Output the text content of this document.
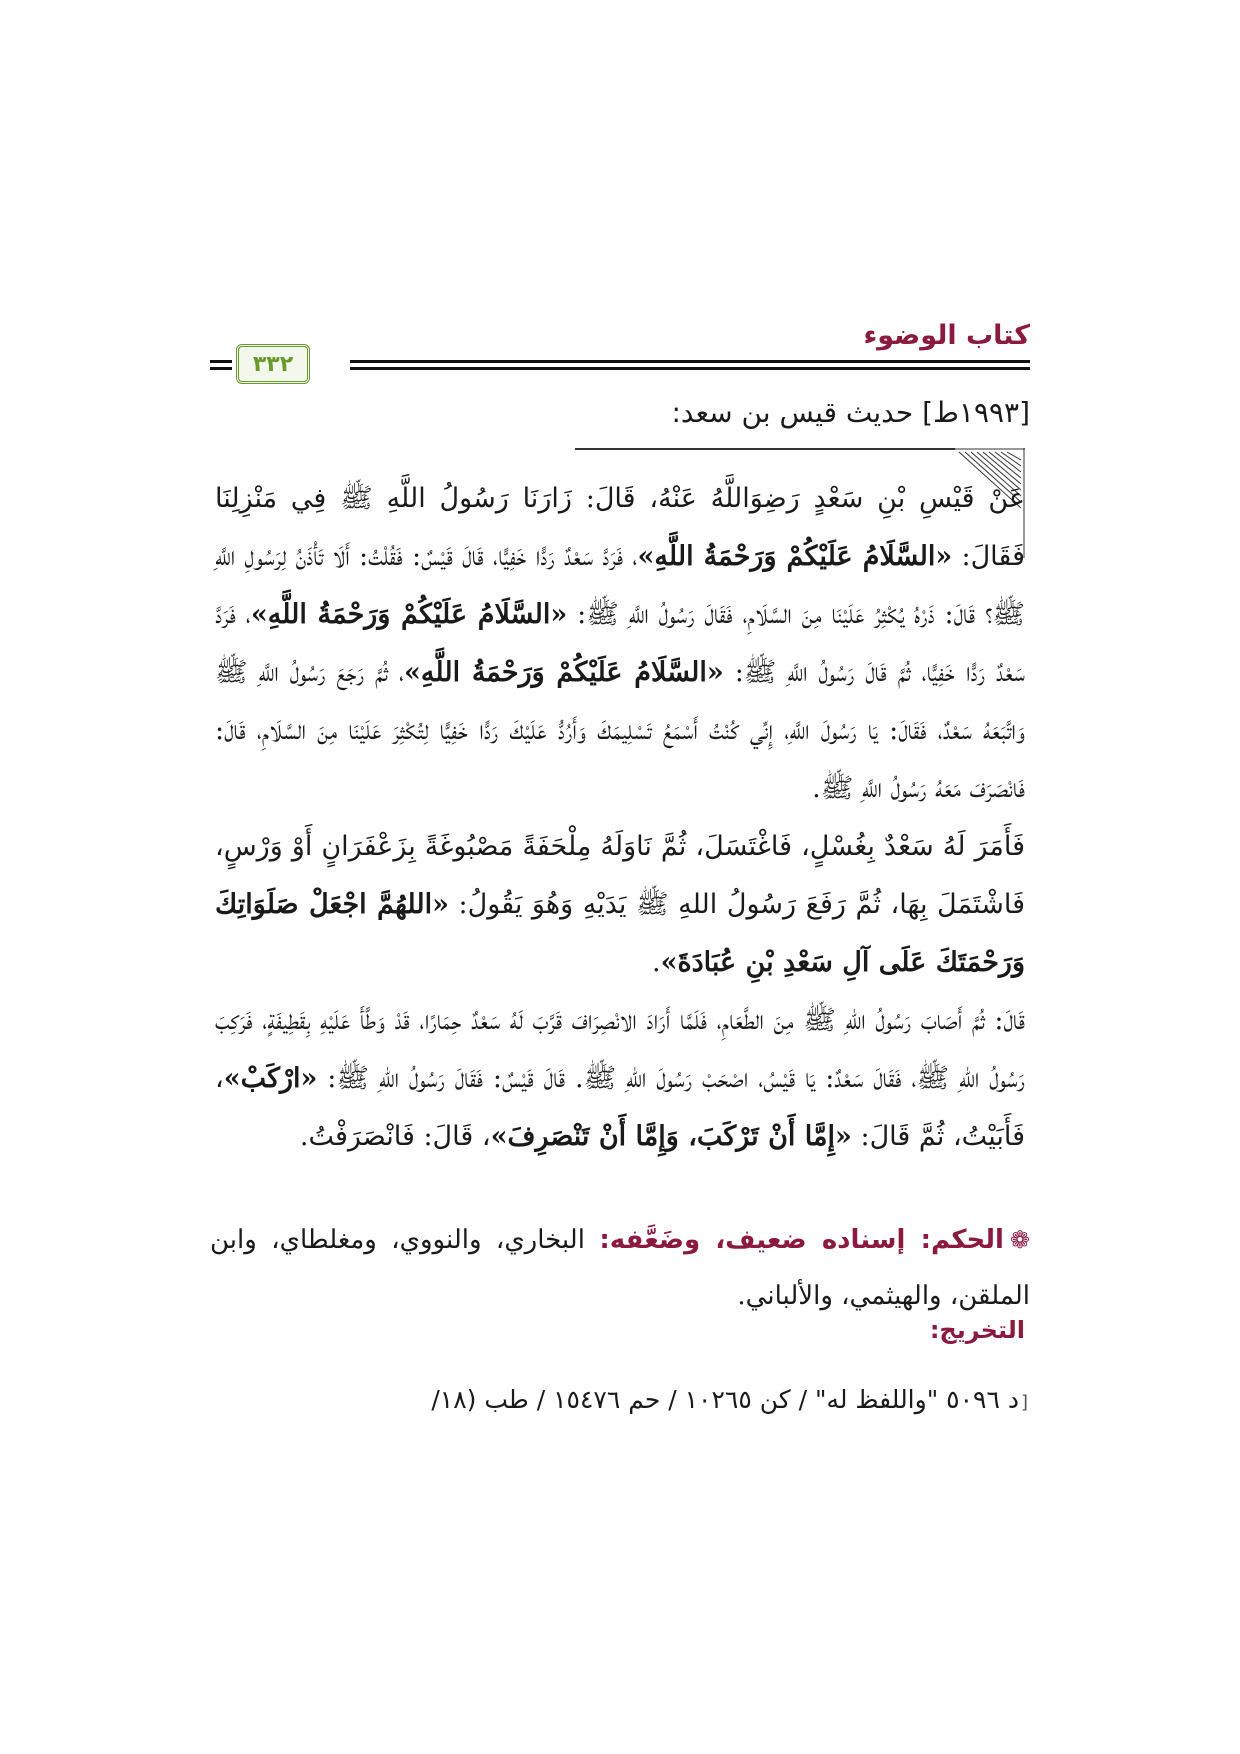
كتاب الوضوء
٣٣٢
[١٩٩٣ط] حديث قيس بن سعد:

عَنْ قَيْسِ بْنِ سَعْدٍ رَضِوَاللَّهُ عَنْهُ، قَالَ: زَارَنَا رَسُولُ اللَّهِ ﷺ فِي مَنْزِلِنَا فَقَالَ: «السَّلَامُ عَلَيْكُمْ وَرَحْمَةُ اللَّهِ»، فَرَدَّ سَعْدٌ رَدًّا خَفِيًّا، قَالَ قَيْسٌ: فَقُلْتُ: أَلَا تَأْذَنُ لِرَسُولِ اللَّهِ ﷺ؟ قَالَ: ذَرْهُ يُكْثِرُ عَلَيْنَا مِنَ السَّلَامِ، فَقَالَ رَسُولُ اللَّهِ ﷺ: «السَّلَامُ عَلَيْكُمْ وَرَحْمَةُ اللَّهِ»، فَرَدَّ سَعْدٌ رَدًّا خَفِيًّا، ثُمَّ قَالَ رَسُولُ اللَّهِ ﷺ: «السَّلَامُ عَلَيْكُمْ وَرَحْمَةُ اللَّهِ»، ثُمَّ رَجَعَ رَسُولُ اللَّهِ ﷺ وَاتَّبَعَهُ سَعْدٌ، فَقَالَ: يَا رَسُولَ اللَّهِ، إِنِّي كُنْتُ أَسْمَعُ تَسْلِيمَكَ وَأَرُدُّ عَلَيْكَ رَدًّا خَفِيًّا لِتُكْثِرَ عَلَيْنَا مِنَ السَّلَامِ، قَالَ: فَانْصَرَفَ مَعَهُ رَسُولُ اللَّهِ ﷺ.

فَأَمَرَ لَهُ سَعْدٌ بِغُسْلٍ، فَاغْتَسَلَ، ثُمَّ نَاوَلَهُ مِلْحَفَةً مَصْبُوغَةً بِزَعْفَرَانٍ أَوْ وَرْسٍ، فَاشْتَمَلَ بِهَا، ثُمَّ رَفَعَ رَسُولُ اللهِ ﷺ يَدَيْهِ وَهُوَ يَقُولُ: «اللهُمَّ اجْعَلْ صَلَوَاتِكَ وَرَحْمَتَكَ عَلَى آلِ سَعْدِ بْنِ عُبَادَةَ».

قَالَ: ثُمَّ أَصَابَ رَسُولُ اللهِ ﷺ مِنَ الطَّعَامِ، فَلَمَّا أَرَادَ الانْصِرَافَ قَرَّبَ لَهُ سَعْدٌ حِمَارًا، قَدْ وَطَّأَ عَلَيْهِ بِقَطِيفَةٍ، فَرَكِبَ رَسُولُ اللهِ ﷺ، فَقَالَ سَعْدٌ: يَا قَيْسُ، اصْحَبْ رَسُولَ اللهِ ﷺ. قَالَ قَيْسٌ: فَقَالَ رَسُولُ اللهِ ﷺ: «ارْكَبْ»، فَأَبَيْتُ، ثُمَّ قَالَ: «إِمَّا أَنْ تَرْكَبَ، وَإِمَّا أَنْ تَنْصَرِفَ»، قَالَ: فَانْصَرَفْتُ.

❁الحكم: إسناده ضعيف، وضَعَّفه: البخاري، والنووي، ومغلطاي، وابن الملقن، والهيثمي، والألباني.

التخريج:

[د ٥٠٩٦ "واللفظ له" / كن ١٠٢٦٥ / حم ١٥٤٧٦ / طب (١٨/
